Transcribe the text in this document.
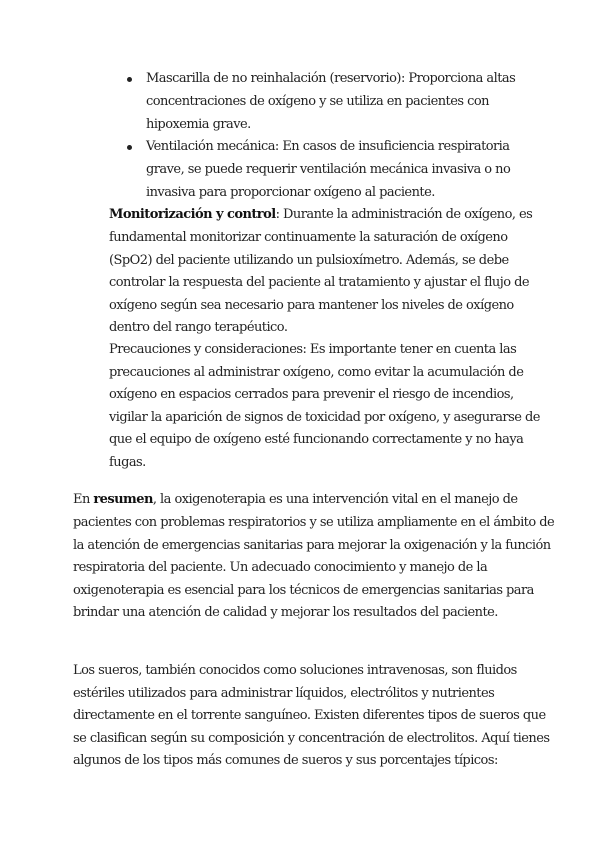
Mascarilla de no reinhalación (reservorio): Proporciona altas
concentraciones de oxígeno y se utiliza en pacientes con
hipoxemia grave.
Ventilación mecánica: En casos de insuficiencia respiratoria
grave, se puede requerir ventilación mecánica invasiva o no
invasiva para proporcionar oxígeno al paciente.
Monitorización y control: Durante la administración de oxígeno, es
fundamental monitorizar continuamente la saturación de oxígeno
(SpO2) del paciente utilizando un pulsioxímetro. Además, se debe
controlar la respuesta del paciente al tratamiento y ajustar el flujo de
oxígeno según sea necesario para mantener los niveles de oxígeno
dentro del rango terapéutico.
Precauciones y consideraciones: Es importante tener en cuenta las
precauciones al administrar oxígeno, como evitar la acumulación de
oxígeno en espacios cerrados para prevenir el riesgo de incendios,
vigilar la aparición de signos de toxicidad por oxígeno, y asegurarse de
que el equipo de oxígeno esté funcionando correctamente y no haya
fugas.
En resumen, la oxigenoterapia es una intervención vital en el manejo de
pacientes con problemas respiratorios y se utiliza ampliamente en el ámbito de
la atención de emergencias sanitarias para mejorar la oxigenación y la función
respiratoria del paciente. Un adecuado conocimiento y manejo de la
oxigenoterapia es esencial para los técnicos de emergencias sanitarias para
brindar una atención de calidad y mejorar los resultados del paciente.
Los sueros, también conocidos como soluciones intravenosas, son fluidos
estériles utilizados para administrar líquidos, electrólitos y nutrientes
directamente en el torrente sanguíneo. Existen diferentes tipos de sueros que
se clasifican según su composición y concentración de electrolitos. Aquí tienes
algunos de los tipos más comunes de sueros y sus porcentajes típicos:
